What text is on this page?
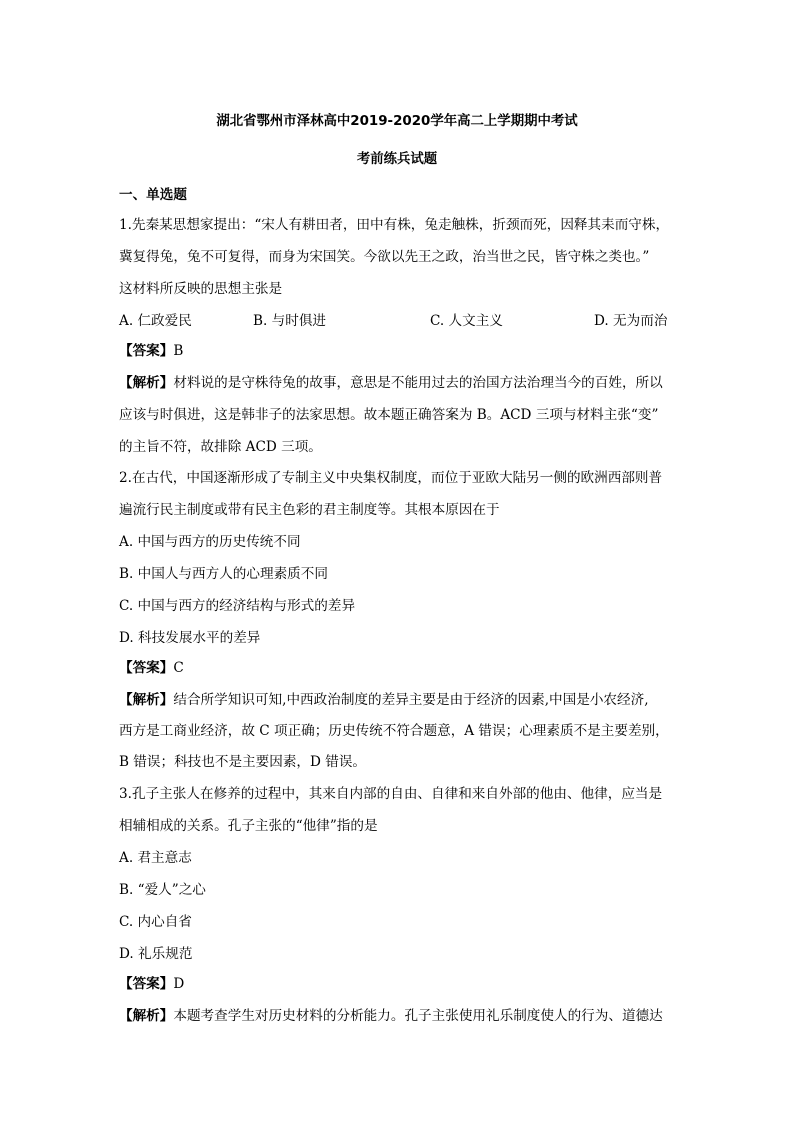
湖北省鄂州市泽林高中2019-2020学年高二上学期期中考试
考前练兵试题
一、单选题
1.先秦某思想家提出：“宋人有耕田者，田中有株，兔走触株，折颈而死，因释其耒而守株，
冀复得兔，兔不可复得，而身为宋国笑。今欲以先王之政，治当世之民，皆守株之类也。”
这材料所反映的思想主张是
A. 仁政爱民	B. 与时俱进	C. 人文主义	D. 无为而治
【答案】B
【解析】材料说的是守株待兔的故事，意思是不能用过去的治国方法治理当今的百姓，所以
应该与时俱进，这是韩非子的法家思想。故本题正确答案为 B。ACD 三项与材料主张“变”
的主旨不符，故排除 ACD 三项。
2.在古代，中国逐渐形成了专制主义中央集权制度，而位于亚欧大陆另一侧的欧洲西部则普
遍流行民主制度或带有民主色彩的君主制度等。其根本原因在于
A. 中国与西方的历史传统不同
B. 中国人与西方人的心理素质不同
C. 中国与西方的经济结构与形式的差异
D. 科技发展水平的差异
【答案】C
【解析】结合所学知识可知,中西政治制度的差异主要是由于经济的因素,中国是小农经济,
西方是工商业经济，故 C 项正确；历史传统不符合题意，A 错误；心理素质不是主要差别，
B 错误；科技也不是主要因素，D 错误。
3.孔子主张人在修养的过程中，其来自内部的自由、自律和来自外部的他由、他律，应当是
相辅相成的关系。孔子主张的“他律”指的是
A. 君主意志
B. “爱人”之心
C. 内心自省
D. 礼乐规范
【答案】D
【解析】本题考查学生对历史材料的分析能力。孔子主张使用礼乐制度使人的行为、道德达
